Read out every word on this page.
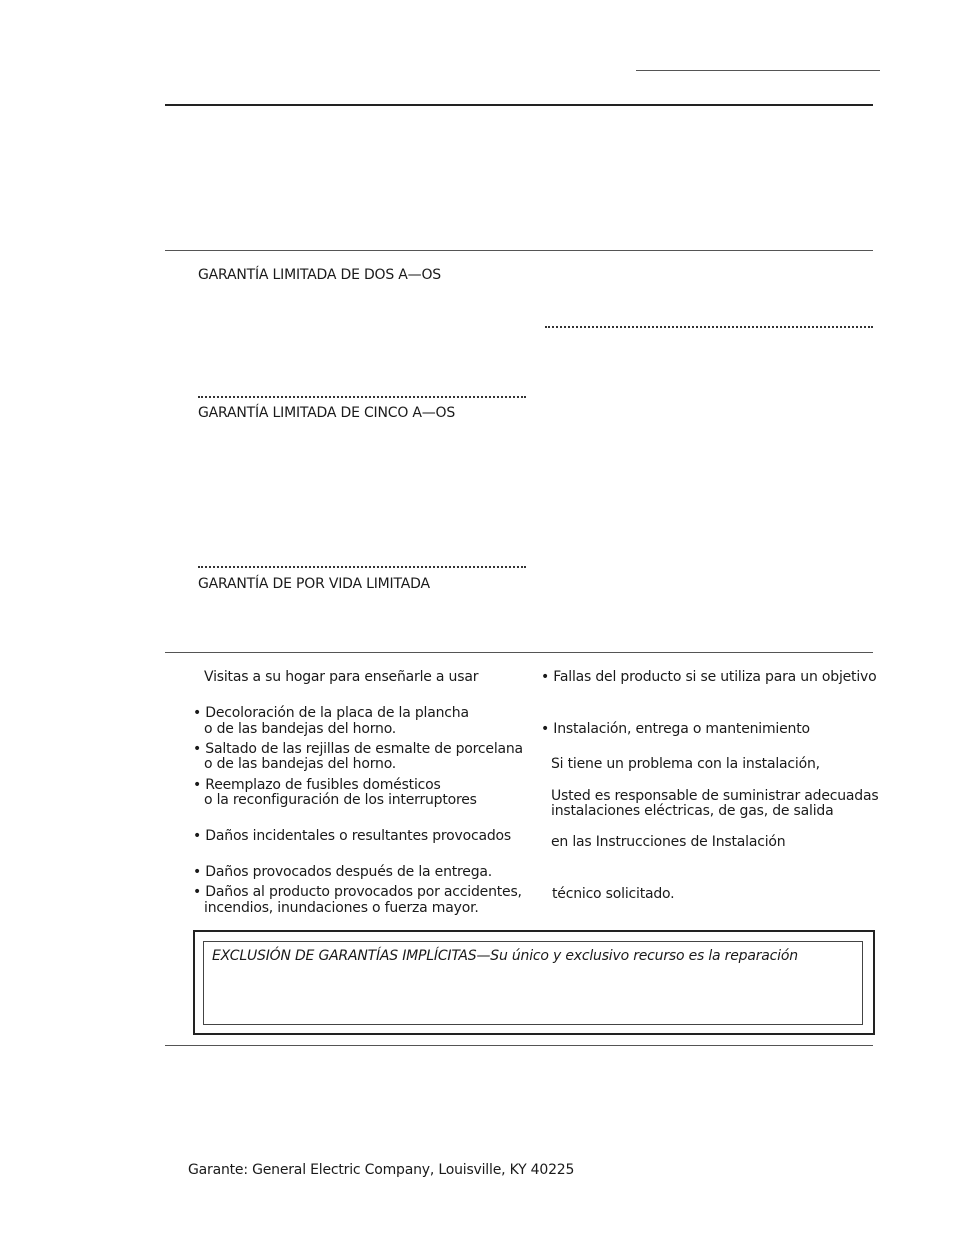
GARANTÍA LIMITADA DE DOS A—OS
GARANTÍA LIMITADA DE CINCO A—OS
GARANTÍA DE POR VIDA LIMITADA
Visitas a su hogar para enseñarle a usar
• Decoloración de la placa de la plancha
o de las bandejas del horno.
• Saltado de las rejillas de esmalte de porcelana
o de las bandejas del horno.
• Reemplazo de fusibles domésticos
o la reconfiguración de los interruptores
• Daños incidentales o resultantes provocados
• Daños provocados después de la entrega.
• Daños al producto provocados por accidentes,
incendios, inundaciones o fuerza mayor.
• Fallas del producto si se utiliza para un objetivo
• Instalación, entrega o mantenimiento
Si tiene un problema con la instalación,
Usted es responsable de suministrar adecuadas
instalaciones eléctricas, de gas, de salida
en las Instrucciones de Instalación
técnico solicitado.
EXCLUSIÓN DE GARANTÍAS IMPLÍCITAS—Su único y exclusivo recurso es la reparación
Garante: General Electric Company, Louisville, KY 40225
